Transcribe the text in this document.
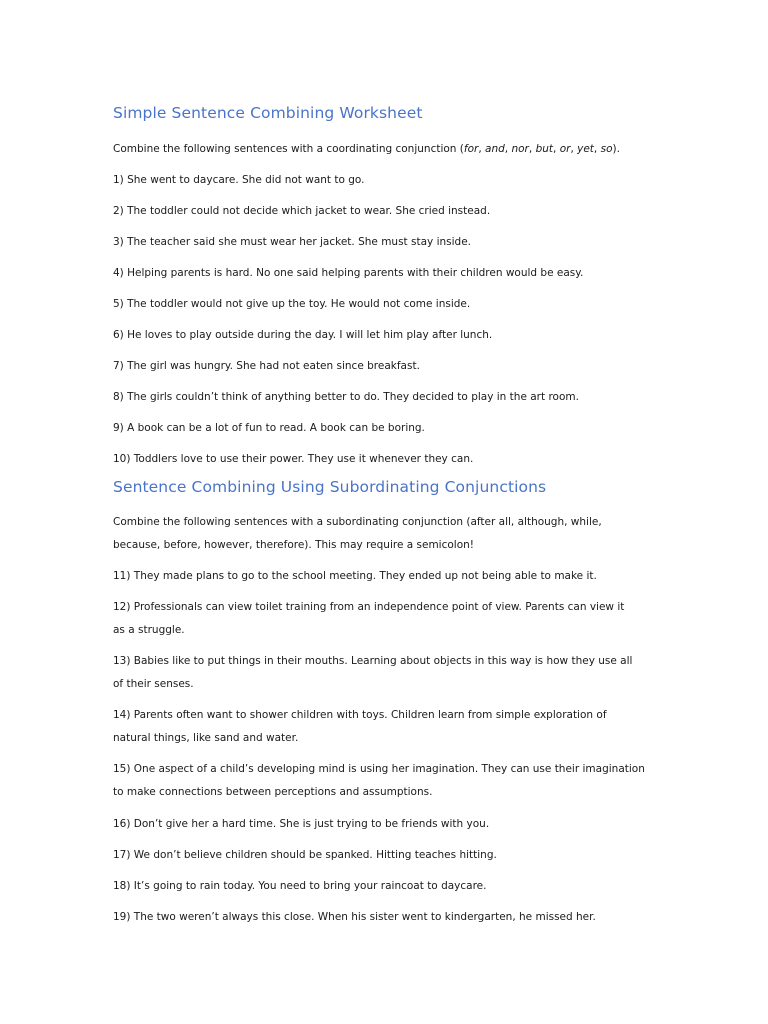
Simple Sentence Combining Worksheet

Combine the following sentences with a coordinating conjunction (for, and, nor, but, or, yet, so).

1) She went to daycare. She did not want to go.

2) The toddler could not decide which jacket to wear. She cried instead.

3) The teacher said she must wear her jacket. She must stay inside.

4) Helping parents is hard. No one said helping parents with their children would be easy.

5) The toddler would not give up the toy. He would not come inside.

6) He loves to play outside during the day. I will let him play after lunch.

7) The girl was hungry. She had not eaten since breakfast.

8) The girls couldn’t think of anything better to do. They decided to play in the art room.

9) A book can be a lot of fun to read. A book can be boring.

10) Toddlers love to use their power. They use it whenever they can.

Sentence Combining Using Subordinating Conjunctions

Combine the following sentences with a subordinating conjunction (after all, although, while,

because, before, however, therefore). This may require a semicolon!

11) They made plans to go to the school meeting. They ended up not being able to make it.

12) Professionals can view toilet training from an independence point of view. Parents can view it

as a struggle.

13) Babies like to put things in their mouths. Learning about objects in this way is how they use all

of their senses.

14) Parents often want to shower children with toys. Children learn from simple exploration of

natural things, like sand and water.

15) One aspect of a child’s developing mind is using her imagination. They can use their imagination

to make connections between perceptions and assumptions.

16) Don’t give her a hard time. She is just trying to be friends with you.

17) We don’t believe children should be spanked. Hitting teaches hitting.

18) It’s going to rain today. You need to bring your raincoat to daycare.

19) The two weren’t always this close. When his sister went to kindergarten, he missed her.
